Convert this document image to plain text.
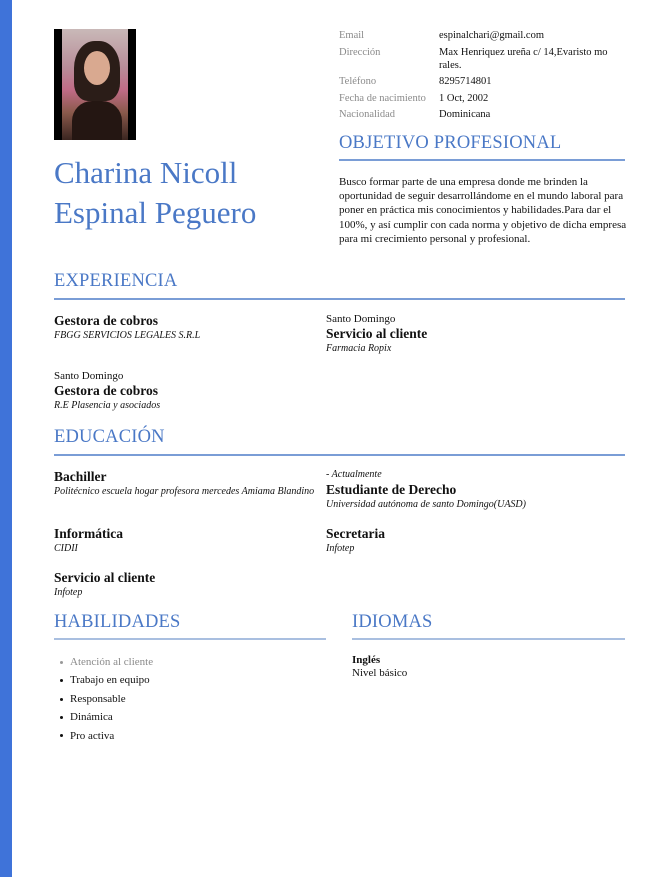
Charina Nicoll
Espinal Peguero
Email	espinalchari@gmail.com
Dirección	Max Henriquez ureña c/ 14,Evaristo mo rales.
Teléfono	8295714801
Fecha de nacimiento	1 Oct, 2002
Nacionalidad	Dominicana
OBJETIVO PROFESIONAL
Busco formar parte de una empresa donde me brinden la oportunidad de seguir desarrollándome en el mundo laboral para poner en práctica mis conocimientos y habilidades.Para dar el 100%, y así cumplir con cada norma y objetivo de dicha empresa para mi crecimiento personal y profesional.
EXPERIENCIA
Gestora de cobros
FBGG SERVICIOS LEGALES S.R.L
Santo Domingo
Servicio al cliente
Farmacia Ropix
Santo Domingo
Gestora de cobros
R.E Plasencia y asociados
EDUCACIÓN
Bachiller
Politécnico escuela hogar profesora mercedes Amiama Blandino
- Actualmente
Estudiante de Derecho
Universidad autónoma de santo Domingo(UASD)
Informática
CIDII
Secretaria
Infotep
Servicio al cliente
Infotep
HABILIDADES
Atención al cliente
Trabajo en equipo
Responsable
Dinámica
Pro activa
IDIOMAS
Inglés
Nivel básico
